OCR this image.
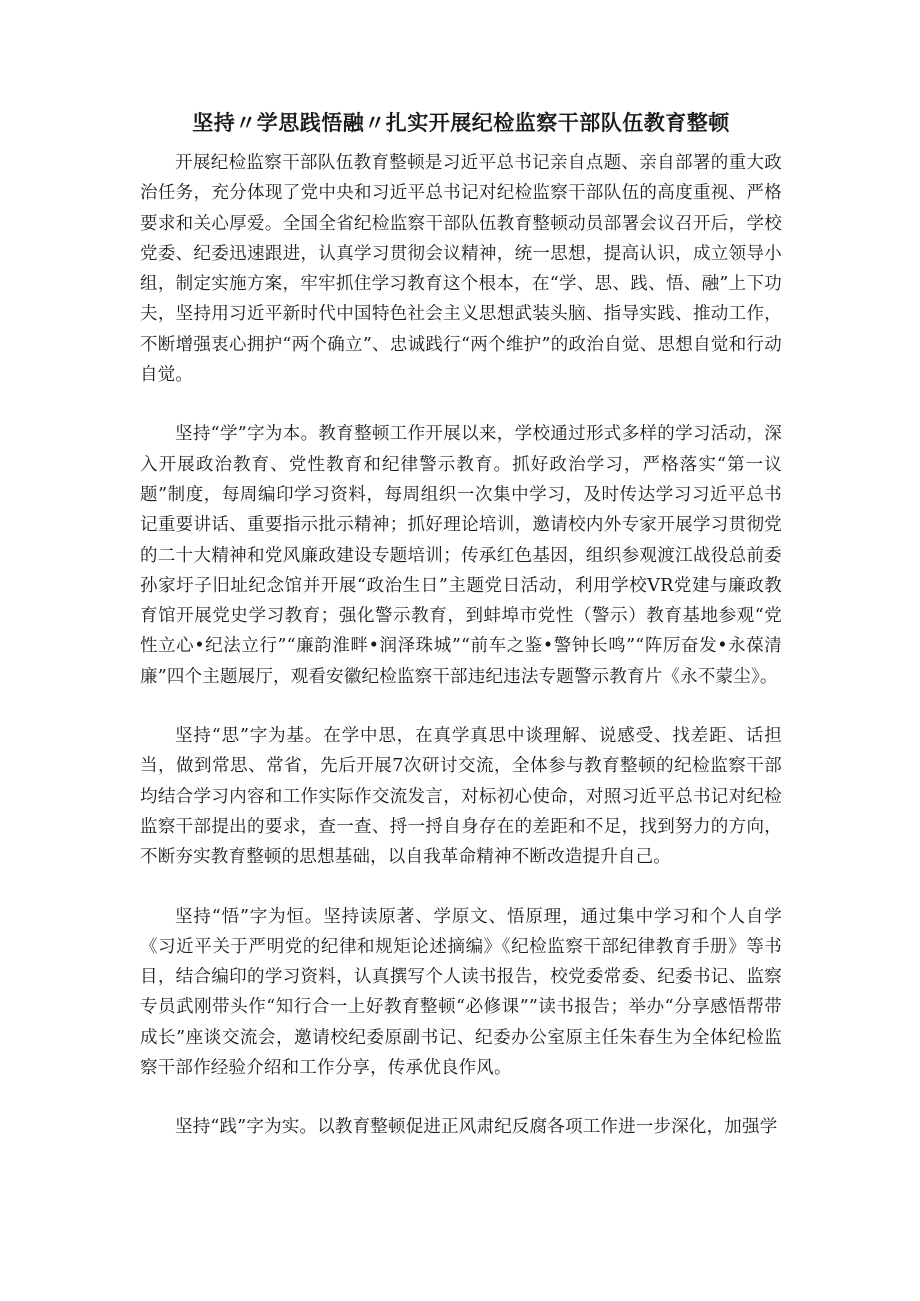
坚持〃学思践悟融〃扎实开展纪检监察干部队伍教育整顿

开展纪检监察干部队伍教育整顿是习近平总书记亲自点题、亲自部署的重大政治任务，充分体现了党中央和习近平总书记对纪检监察干部队伍的高度重视、严格要求和关心厚爱。全国全省纪检监察干部队伍教育整顿动员部署会议召开后，学校党委、纪委迅速跟进，认真学习贯彻会议精神，统一思想，提高认识，成立领导小组，制定实施方案，牢牢抓住学习教育这个根本，在“学、思、践、悟、融”上下功夫，坚持用习近平新时代中国特色社会主义思想武装头脑、指导实践、推动工作，不断增强衷心拥护“两个确立”、忠诚践行“两个维护”的政治自觉、思想自觉和行动自觉。

坚持“学”字为本。教育整顿工作开展以来，学校通过形式多样的学习活动，深入开展政治教育、党性教育和纪律警示教育。抓好政治学习，严格落实“第一议题”制度，每周编印学习资料，每周组织一次集中学习，及时传达学习习近平总书记重要讲话、重要指示批示精神；抓好理论培训，邀请校内外专家开展学习贯彻党的二十大精神和党风廉政建设专题培训；传承红色基因，组织参观渡江战役总前委孙家圩子旧址纪念馆并开展“政治生日”主题党日活动，利用学校VR党建与廉政教育馆开展党史学习教育；强化警示教育，到蚌埠市党性（警示）教育基地参观“党性立心•纪法立行”“廉韵淮畔•润泽珠城”“前车之鉴•警钟长鸣”“阵厉奋发•永葆清廉”四个主题展厅，观看安徽纪检监察干部违纪违法专题警示教育片《永不蒙尘》。

坚持“思”字为基。在学中思，在真学真思中谈理解、说感受、找差距、话担当，做到常思、常省，先后开展7次研讨交流，全体参与教育整顿的纪检监察干部均结合学习内容和工作实际作交流发言，对标初心使命，对照习近平总书记对纪检监察干部提出的要求，查一查、捋一捋自身存在的差距和不足，找到努力的方向，不断夯实教育整顿的思想基础，以自我革命精神不断改造提升自己。

坚持“悟”字为恒。坚持读原著、学原文、悟原理，通过集中学习和个人自学《习近平关于严明党的纪律和规矩论述摘编》《纪检监察干部纪律教育手册》等书目，结合编印的学习资料，认真撰写个人读书报告，校党委常委、纪委书记、监察专员武刚带头作“知行合一上好教育整顿“必修课””读书报告；举办“分享感悟帮带成长”座谈交流会，邀请校纪委原副书记、纪委办公室原主任朱春生为全体纪检监察干部作经验介绍和工作分享，传承优良作风。

坚持“践”字为实。以教育整顿促进正风肃纪反腐各项工作进一步深化，加强学
